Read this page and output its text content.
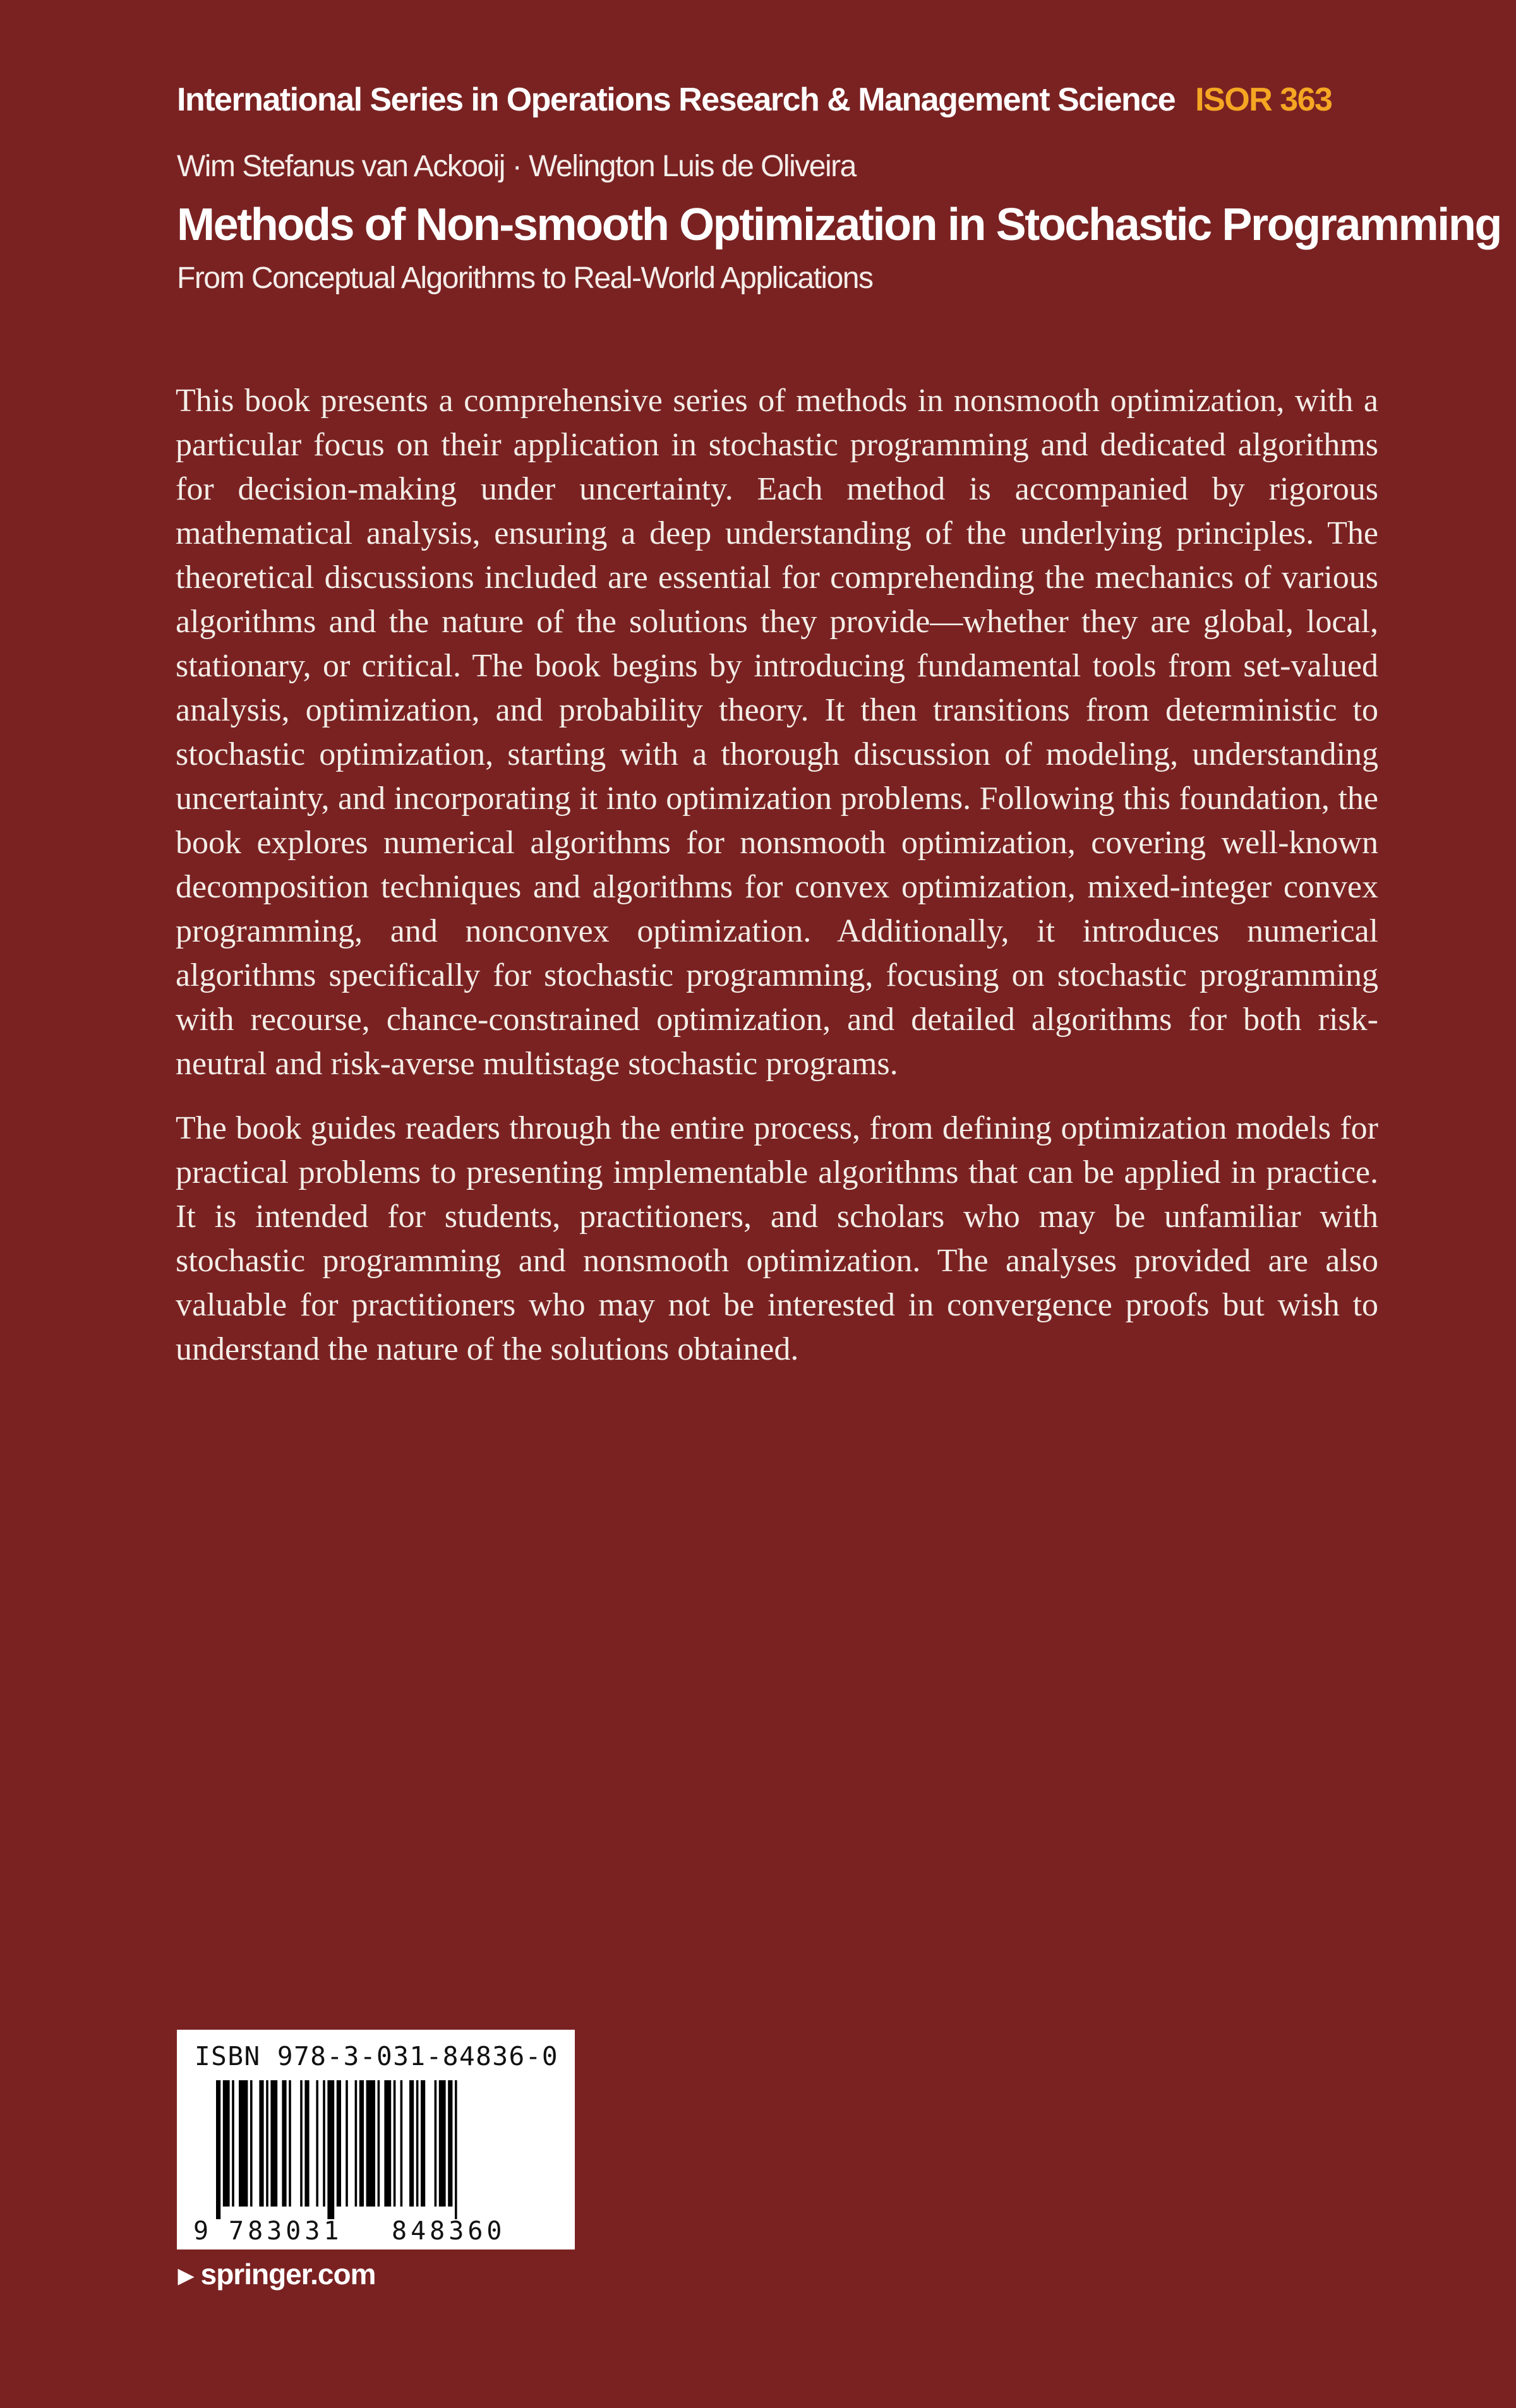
International Series in Operations Research & Management Science ISOR 363
Wim Stefanus van Ackooij · Welington Luis de Oliveira
Methods of Non-smooth Optimization in Stochastic Programming
From Conceptual Algorithms to Real-World Applications

This book presents a comprehensive series of methods in nonsmooth optimization, with a particular focus on their application in stochastic programming and dedicated algorithms for decision-making under uncertainty. Each method is accompanied by rigorous mathematical analysis, ensuring a deep understanding of the underlying principles. The theoretical discussions included are essential for comprehending the mechanics of various algorithms and the nature of the solutions they provide—whether they are global, local, stationary, or critical. The book begins by introducing fundamental tools from set-valued analysis, optimization, and probability theory. It then transitions from deterministic to stochastic optimization, starting with a thorough discussion of modeling, understanding uncertainty, and incorporating it into optimization problems. Following this foundation, the book explores numerical algorithms for nonsmooth optimization, covering well-known decomposition techniques and algorithms for convex optimization, mixed-integer convex programming, and nonconvex optimization. Additionally, it introduces numerical algorithms specifically for stochastic programming, focusing on stochastic programming with recourse, chance-constrained optimization, and detailed algorithms for both risk-neutral and risk-averse multistage stochastic programs.

The book guides readers through the entire process, from defining optimization models for practical problems to presenting implementable algorithms that can be applied in practice. It is intended for students, practitioners, and scholars who may be unfamiliar with stochastic programming and nonsmooth optimization. The analyses provided are also valuable for practitioners who may not be interested in convergence proofs but wish to understand the nature of the solutions obtained.

ISBN 978-3-031-84836-0
9 783031 848360
▶ springer.com
